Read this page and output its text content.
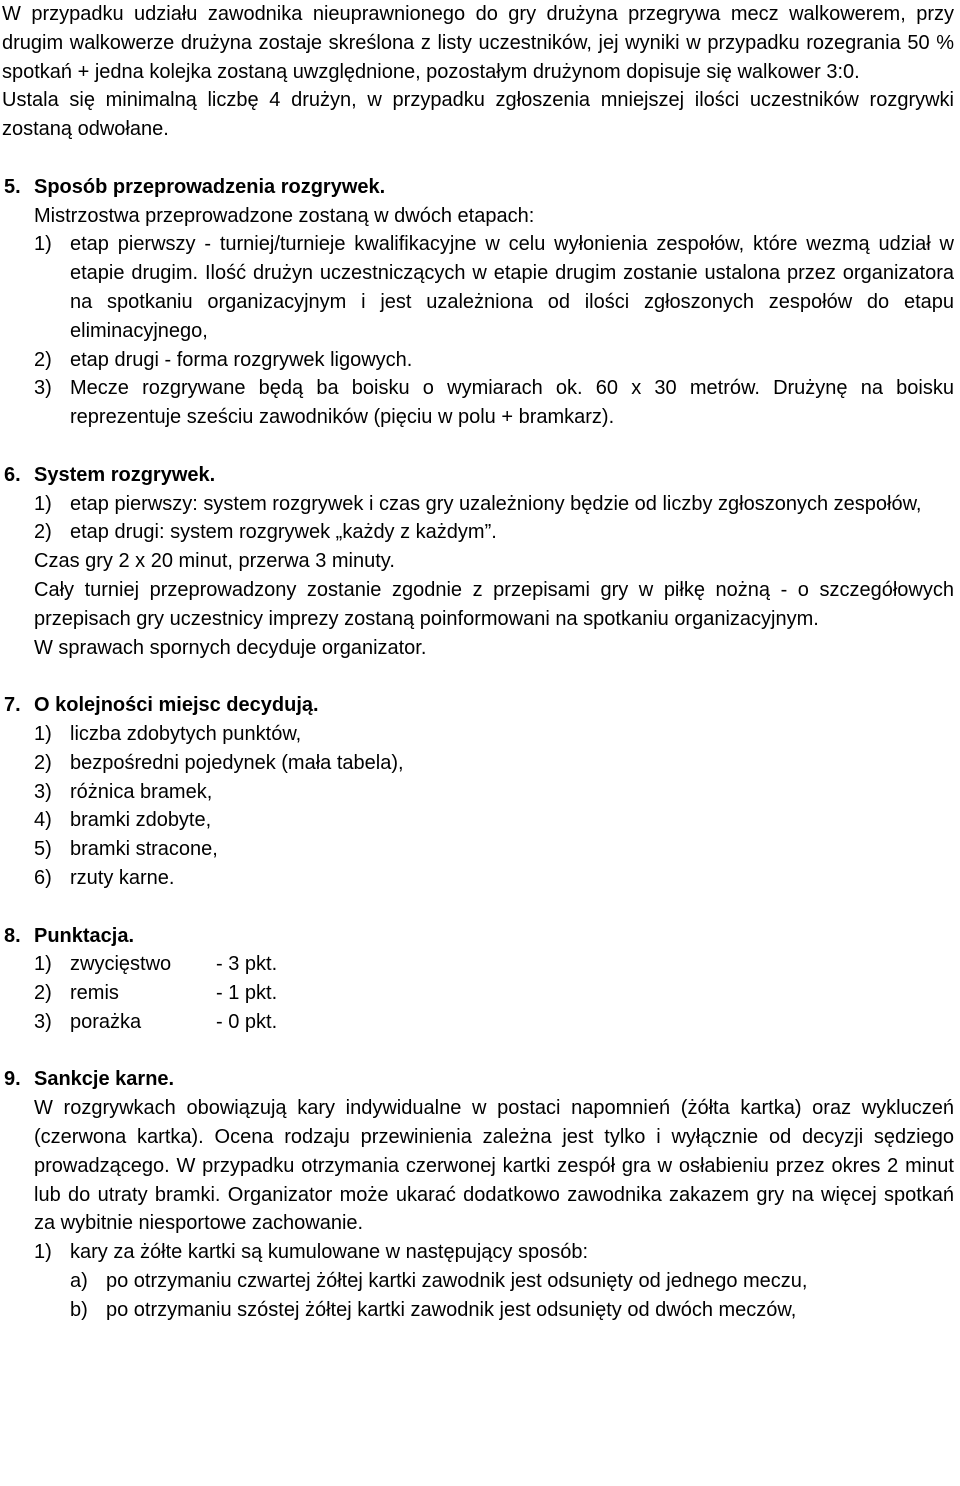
W przypadku udziału zawodnika nieuprawnionego do gry drużyna przegrywa mecz walkowerem, przy drugim walkowerze drużyna zostaje skreślona z listy uczestników, jej wyniki w przypadku rozegrania 50 % spotkań + jedna kolejka zostaną uwzględnione, pozostałym drużynom dopisuje się walkower 3:0.

Ustala się minimalną liczbę 4 drużyn, w przypadku zgłoszenia mniejszej ilości uczestników rozgrywki zostaną odwołane.

5. Sposób przeprowadzenia rozgrywek.

Mistrzostwa przeprowadzone zostaną w dwóch etapach:

1) etap pierwszy - turniej/turnieje kwalifikacyjne w celu wyłonienia zespołów, które wezmą udział w etapie drugim. Ilość drużyn uczestniczących w etapie drugim zostanie ustalona przez organizatora na spotkaniu organizacyjnym i jest uzależniona od ilości zgłoszonych zespołów do etapu eliminacyjnego,
2) etap drugi - forma rozgrywek ligowych.
3) Mecze rozgrywane będą ba boisku o wymiarach ok. 60 x 30 metrów. Drużynę na boisku reprezentuje sześciu zawodników (pięciu w polu + bramkarz).

6. System rozgrywek.

1) etap pierwszy: system rozgrywek i czas gry uzależniony będzie od liczby zgłoszonych zespołów,
2) etap drugi: system rozgrywek „każdy z każdym”.

Czas gry 2 x 20 minut, przerwa 3 minuty.

Cały turniej przeprowadzony zostanie zgodnie z przepisami gry w piłkę nożną - o szczegółowych przepisach gry uczestnicy imprezy zostaną poinformowani na spotkaniu organizacyjnym.

W sprawach spornych decyduje organizator.

7. O kolejności miejsc decydują.

1) liczba zdobytych punktów,
2) bezpośredni pojedynek (mała tabela),
3) różnica bramek,
4) bramki zdobyte,
5) bramki stracone,
6) rzuty karne.

8. Punktacja.

1) zwycięstwo	- 3 pkt.
2) remis	- 1 pkt.
3) porażka	- 0 pkt.

9. Sankcje karne.

W rozgrywkach obowiązują kary indywidualne w postaci napomnień (żółta kartka) oraz wykluczeń (czerwona kartka). Ocena rodzaju przewinienia zależna jest tylko i wyłącznie od decyzji sędziego prowadzącego. W przypadku otrzymania czerwonej kartki zespół gra w osłabieniu przez okres 2 minut lub do utraty bramki. Organizator może ukarać dodatkowo zawodnika zakazem gry na więcej spotkań za wybitnie niesportowe zachowanie.

1) kary za żółte kartki są kumulowane w następujący sposób:
a) po otrzymaniu czwartej żółtej kartki zawodnik jest odsunięty od jednego meczu,
b) po otrzymaniu szóstej żółtej kartki zawodnik jest odsunięty od dwóch meczów,
